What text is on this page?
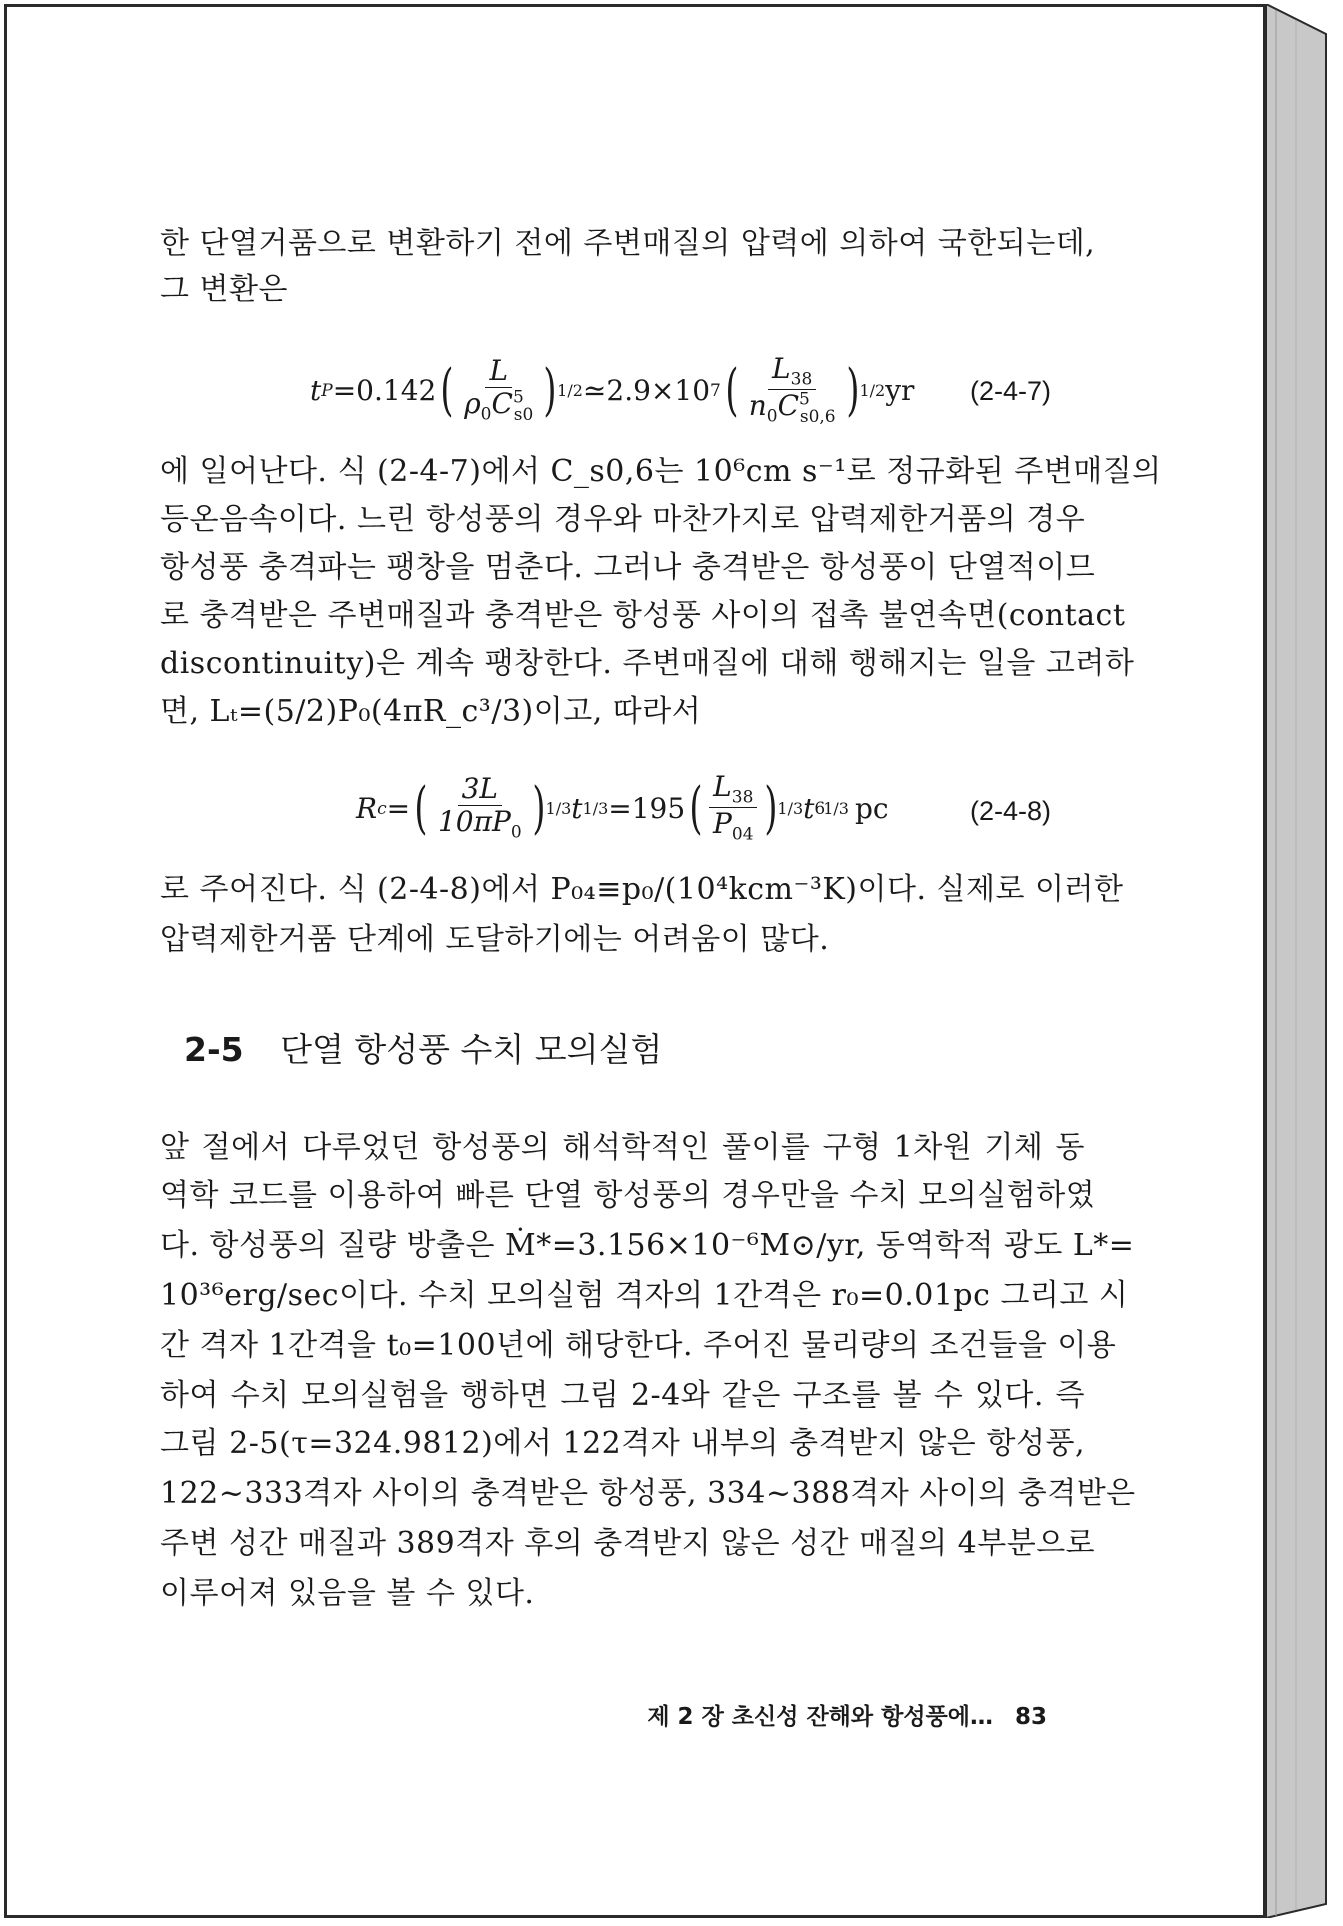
한 단열거품으로 변환하기 전에 주변매질의 압력에 의하여 국한되는데,
그 변환은
t P =0.142 ( $\frac{L}{\rho_0C^5_{s0}}$ ) 1/2 ≃2.9×10 7 ( $\frac{L_{38}}{n_0C^5_{s0,6}}$ ) 1/2 yr (2-4-7)
에 일어난다. 식 (2-4-7)에서 C_s0,6는 10⁶cm s⁻¹로 정규화된 주변매질의
등온음속이다. 느린 항성풍의 경우와 마찬가지로 압력제한거품의 경우
항성풍 충격파는 팽창을 멈춘다. 그러나 충격받은 항성풍이 단열적이므
로 충격받은 주변매질과 충격받은 항성풍 사이의 접촉 불연속면(contact
discontinuity)은 계속 팽창한다. 주변매질에 대해 행해지는 일을 고려하
면, Lₜ=(5/2)P₀(4πR_c³/3)이고, 따라서
R c = ( $\frac{3L}{10\pi P_0}$ ) 1/3 t 1/3 =195 ( $\frac{L_{38}}{P_{04}}$ ) 1/3 t 6
1/3 pc	(2-4-8)
로 주어진다. 식 (2-4-8)에서 P₀₄≡p₀/(10⁴kcm⁻³K)이다. 실제로 이러한
압력제한거품 단계에 도달하기에는 어려움이 많다.
2-5 단열 항성풍 수치 모의실험
앞 절에서 다루었던 항성풍의 해석학적인 풀이를 구형 1차원 기체 동
역학 코드를 이용하여 빠른 단열 항성풍의 경우만을 수치 모의실험하였
다. 항성풍의 질량 방출은 Ṁ*=3.156×10⁻⁶M⊙/yr, 동역학적 광도 L*=
10³⁶erg/sec이다. 수치 모의실험 격자의 1간격은 r₀=0.01pc 그리고 시
간 격자 1간격을 t₀=100년에 해당한다. 주어진 물리량의 조건들을 이용
하여 수치 모의실험을 행하면 그림 2-4와 같은 구조를 볼 수 있다. 즉
그림 2-5(τ=324.9812)에서 122격자 내부의 충격받지 않은 항성풍,
122~333격자 사이의 충격받은 항성풍, 334~388격자 사이의 충격받은
주변 성간 매질과 389격자 후의 충격받지 않은 성간 매질의 4부분으로
이루어져 있음을 볼 수 있다.
제 2 장 초신성 잔해와 항성풍에… 83
